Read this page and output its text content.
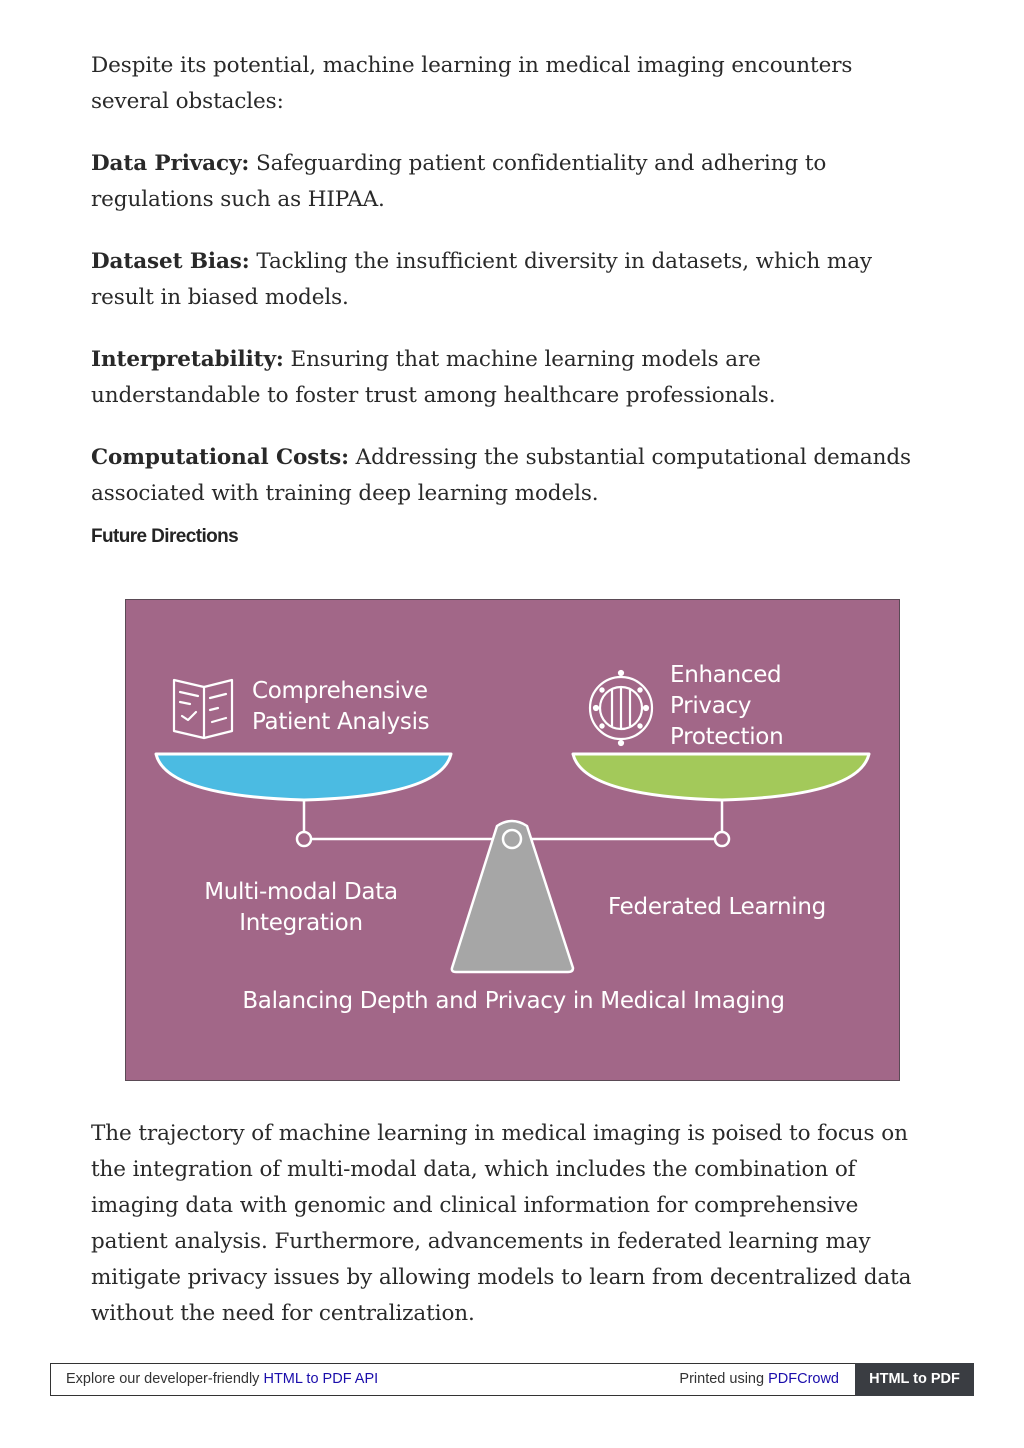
Despite its potential, machine learning in medical imaging encounters several obstacles:

Data Privacy: Safeguarding patient confidentiality and adhering to regulations such as HIPAA.

Dataset Bias: Tackling the insufficient diversity in datasets, which may result in biased models.

Interpretability: Ensuring that machine learning models are understandable to foster trust among healthcare professionals.

Computational Costs: Addressing the substantial computational demands associated with training deep learning models.

Future Directions
Comprehensive
Patient Analysis
Enhanced
Privacy
Protection
Multi-modal Data
Integration
Federated Learning
Balancing Depth and Privacy in Medical Imaging

The trajectory of machine learning in medical imaging is poised to focus on the integration of multi-modal data, which includes the combination of imaging data with genomic and clinical information for comprehensive patient analysis. Furthermore, advancements in federated learning may mitigate privacy issues by allowing models to learn from decentralized data without the need for centralization.

Explore our developer-friendly HTML to PDF API	Printed using PDFCrowd	HTML to PDF
